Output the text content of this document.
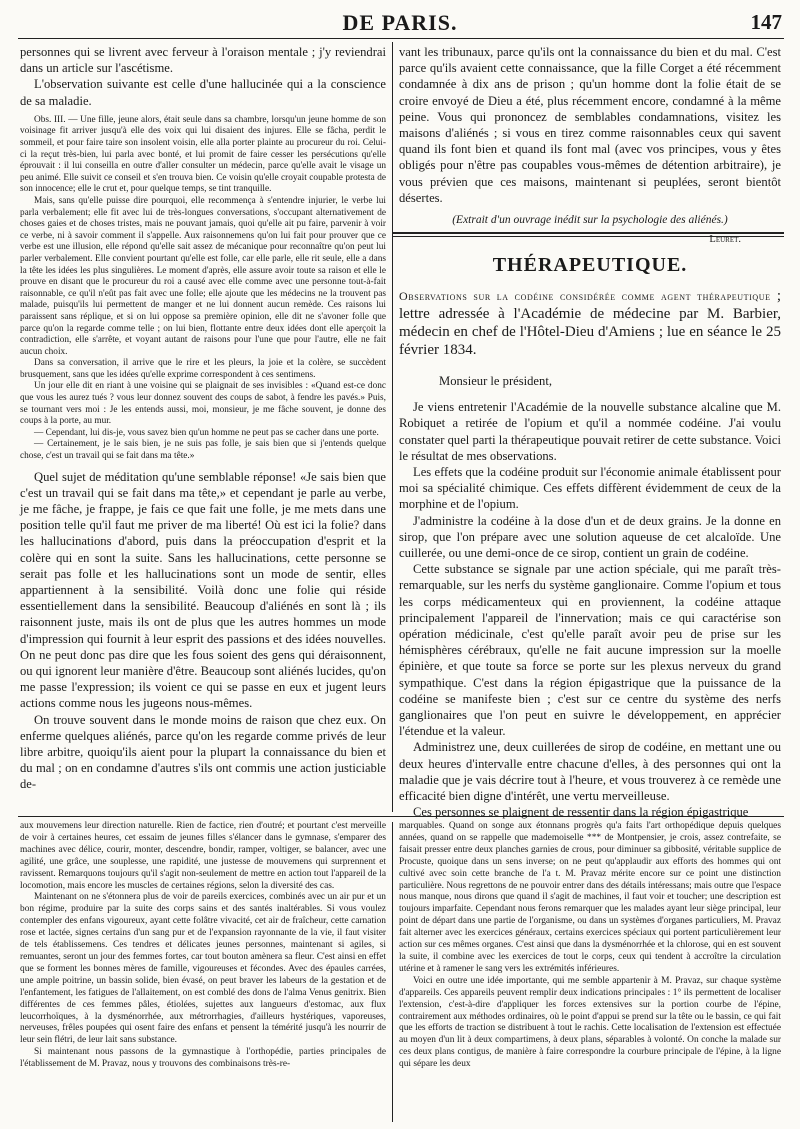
DE PARIS.	147

personnes qui se livrent avec ferveur à l'oraison mentale ; j'y reviendrai dans un article sur l'ascétisme.

L'observation suivante est celle d'une hallucinée qui a la conscience de sa maladie.

Obs. III. — Une fille, jeune alors, était seule dans sa chambre, lorsqu'un jeune homme de son voisinage fit arriver jusqu'à elle des voix qui lui disaient des injures. Elle se fâcha, perdit le sommeil, et pour faire taire son insolent voisin, elle alla porter plainte au procureur du roi. Celui-ci la reçut très-bien, lui parla avec bonté, et lui promit de faire cesser les persécutions qu'elle éprouvait : il lui conseilla en outre d'aller consulter un médecin, parce qu'elle avait le visage un peu animé. Elle suivit ce conseil et s'en trouva bien. Ce voisin qu'elle croyait coupable protesta de son innocence; elle le crut et, pour quelque temps, se tint tranquille.

Mais, sans qu'elle puisse dire pourquoi, elle recommença à s'entendre injurier, le verbe lui parla verbalement; elle fit avec lui de très-longues conversations, s'occupant alternativement de choses gaies et de choses tristes, mais ne pouvant jamais, quoi qu'elle ait pu faire, parvenir à voir ce verbe, ni à savoir comment il s'appelle. Aux raisonnemens qu'on lui fait pour prouver que ce verbe est une illusion, elle répond qu'elle sait assez de mécanique pour reconnaître qu'on peut lui parler verbalement. Elle convient pourtant qu'elle est folle, car elle parle, elle rit seule, elle a dans la tête les idées les plus singulières. Le moment d'après, elle assure avoir toute sa raison et elle le prouve en disant que le procureur du roi a causé avec elle comme avec une personne tout-à-fait raisonnable, ce qu'il n'eût pas fait avec une folle; elle ajoute que les médecins ne la trouvent pas malade, puisqu'ils lui permettent de manger et ne lui donnent aucun remède. Ces raisons lui paraissent sans réplique, et si on lui oppose sa première opinion, elle dit ne s'avoner folle que parce qu'on la regarde comme telle ; on lui bien, flottante entre deux idées dont elle aperçoit la contradiction, elle s'arrête, et voyant autant de raisons pour l'une que pour l'autre, elle ne fait aucun choix.

Dans sa conversation, il arrive que le rire et les pleurs, la joie et la colère, se succèdent brusquement, sans que les idées qu'elle exprime correspondent à ces sentimens.

Un jour elle dit en riant à une voisine qui se plaignait de ses invisibles : «Quand est-ce donc que vous les aurez tués ? vous leur donnez souvent des coups de sabot, à fendre les pavés.» Puis, se tournant vers moi : Je les entends aussi, moi, monsieur, je me fâche souvent, je donne des coups à la porte, au mur.

— Cependant, lui dis-je, vous savez bien qu'un homme ne peut pas se cacher dans une porte.

— Certainement, je le sais bien, je ne suis pas folle, je sais bien que si j'entends quelque chose, c'est un travail qui se fait dans ma tête.»

Quel sujet de méditation qu'une semblable réponse! «Je sais bien que c'est un travail qui se fait dans ma tête,» et cependant je parle au verbe, je me fâche, je frappe, je fais ce que fait une folle, je me mets dans une position telle qu'il faut me priver de ma liberté! Où est ici la folie? dans les hallucinations d'abord, puis dans la préoccupation d'esprit et la colère qui en sont la suite. Sans les hallucinations, cette personne se serait pas folle et les hallucinations sont un mode de sentir, elles appartiennent à la sensibilité. Voilà donc une folie qui réside essentiellement dans la sensibilité. Beaucoup d'aliénés en sont là ; ils raisonnent juste, mais ils ont de plus que les autres hommes un mode d'impression qui fournit à leur esprit des passions et des idées nouvelles. On ne peut donc pas dire que les fous soient des gens qui déraisonnent, ou qui ignorent leur manière d'être. Beaucoup sont aliénés lucides, qu'on me passe l'expression; ils voient ce qui se passe en eux et jugent leurs actions comme nous les jugeons nous-mêmes.

On trouve souvent dans le monde moins de raison que chez eux. On enferme quelques aliénés, parce qu'on les regarde comme privés de leur libre arbitre, quoiqu'ils aient pour la plupart la connaissance du bien et du mal ; on en condamne d'autres s'ils ont commis une action justiciable de-

vant les tribunaux, parce qu'ils ont la connaissance du bien et du mal. C'est parce qu'ils avaient cette connaissance, que la fille Corget a été récemment condamnée à dix ans de prison ; qu'un homme dont la folie était de se croire envoyé de Dieu a été, plus récemment encore, condamné à la même peine. Vous qui prononcez de semblables condamnations, visitez les maisons d'aliénés ; si vous en tirez comme raisonnables ceux qui savent quand ils font bien et quand ils font mal (avec vos principes, vous y êtes obligés pour n'être pas coupables vous-mêmes de détention arbitraire), je vous prévien que ces maisons, maintenant si peuplées, seront bientôt désertes.

(Extrait d'un ouvrage inédit sur la psychologie des aliénés.)

Leuret.

THÉRAPEUTIQUE.

Observations sur la codéine considérée comme agent thérapeutique ; lettre adressée à l'Académie de médecine par M. Barbier, médecin en chef de l'Hôtel-Dieu d'Amiens ; lue en séance le 25 février 1834.

Monsieur le président,

Je viens entretenir l'Académie de la nouvelle substance alcaline que M. Robiquet a retirée de l'opium et qu'il a nommée codéine. J'ai voulu constater quel parti la thérapeutique pouvait retirer de cette substance. Voici le résultat de mes observations.

Les effets que la codéine produit sur l'économie animale établissent pour moi sa spécialité chimique. Ces effets diffèrent évidemment de ceux de la morphine et de l'opium.

J'administre la codéine à la dose d'un et de deux grains. Je la donne en sirop, que l'on prépare avec une solution aqueuse de cet alcaloïde. Une cuillerée, ou une demi-once de ce sirop, contient un grain de codéine.

Cette substance se signale par une action spéciale, qui me paraît très-remarquable, sur les nerfs du système ganglionaire. Comme l'opium et tous les corps médicamenteux qui en proviennent, la codéine attaque principalement l'appareil de l'innervation; mais ce qui caractérise son opération médicinale, c'est qu'elle paraît avoir peu de prise sur les hémisphères cérébraux, qu'elle ne fait aucune impression sur la moelle épinière, et que toute sa force se porte sur les plexus nerveux du grand sympathique. C'est dans la région épigastrique que la puissance de la codéine se manifeste bien ; c'est sur ce centre du système des nerfs ganglionaires que l'on peut en suivre le développement, en apprécier l'étendue et la valeur.

Administrez une, deux cuillerées de sirop de codéine, en mettant une ou deux heures d'intervalle entre chacune d'elles, à des personnes qui ont la maladie que je vais décrire tout à l'heure, et vous trouverez à ce remède une efficacité bien digne d'intérêt, une vertu merveilleuse.

Ces personnes se plaignent de ressentir dans la région épigastrique

aux mouvemens leur direction naturelle. Rien de factice, rien d'outré; et pourtant c'est merveille de voir à certaines heures, cet essaim de jeunes filles s'élancer dans le gymnase, s'emparer des machines avec délice, courir, monter, descendre, bondir, ramper, voltiger, se balancer, avec une agilité, une grâce, une souplesse, une rapidité, une justesse de mouvemens qui surprennent et ravissent. Remarquons toujours qu'il s'agit non-seulement de mettre en action tout l'appareil de la locomotion, mais encore les muscles de certaines régions, selon la diversité des cas.

Maintenant on ne s'étonnera plus de voir de pareils exercices, combinés avec un air pur et un bon régime, produire par la suite des corps sains et des santés inaltérables. Si vous voulez contempler des enfans vigoureux, ayant cette folâtre vivacité, cet air de fraîcheur, cette carnation rose et lactée, signes certains d'un sang pur et de l'expansion rayonnante de la vie, il faut visiter de tels établissemens. Ces tendres et délicates jeunes personnes, maintenant si agiles, si remuantes, seront un jour des femmes fortes, car tout bouton amènera sa fleur. C'est ainsi en effet que se forment les bonnes mères de famille, vigoureuses et fécondes. Avec des épaules carrées, une ample poitrine, un bassin solide, bien évasé, on peut braver les labeurs de la gestation et de l'enfantement, les fatigues de l'allaitement, on est comblé des dons de l'alma Venus genitrix. Bien différentes de ces femmes pâles, étiolées, sujettes aux langueurs d'estomac, aux flux leucorrhoïques, à la dysménorrhée, aux métrorrhagies, d'ailleurs hystériques, vaporeuses, nerveuses, frêles poupées qui osent faire des enfans et pensent la témérité jusqu'à les nourrir de leur sein flétri, de leur lait sans substance.

Si maintenant nous passons de la gymnastique à l'orthopédie, parties principales de l'établissement de M. Pravaz, nous y trouvons des combinaisons très-re-

marquables. Quand on songe aux étonnans progrès qu'a faits l'art orthopédique depuis quelques années, quand on se rappelle que mademoiselle *** de Montpensier, je crois, assez contrefaite, se faisait presser entre deux planches garnies de crous, pour diminuer sa gibbosité, véritable supplice de Procuste, quoique dans un sens inverse; on ne peut qu'applaudir aux efforts des hommes qui ont cultivé avec soin cette branche de l'a t. M. Pravaz mérite encore sur ce point une distinction particulière. Nous regrettons de ne pouvoir entrer dans des détails intéressans; mais outre que l'espace nous manque, nous dirons que quand il s'agit de machines, il faut voir et toucher; une description est toujours imparfaite. Cependant nous ferons remarquer que les malades ayant leur siège principal, leur point de départ dans une partie de l'organisme, ou dans un systèmes d'organes particuliers, M. Pravaz fait alterner avec les exercices généraux, certains exercices spéciaux qui portent particulièrement leur action sur ces mêmes organes. C'est ainsi que dans la dysménorrhée et la chlorose, qui en est souvent la suite, il combine avec les exercices de tout le corps, ceux qui tendent à accroître la circulation utérine et à ramener le sang vers les extrémités inférieures.

Voici en outre une idée importante, qui me semble appartenir à M. Pravaz, sur chaque système d'appareils. Ces appareils peuvent remplir deux indications principales : 1° ils permettent de localiser l'extension, c'est-à-dire d'appliquer les forces extensives sur la portion courbe de l'épine, contrairement aux méthodes ordinaires, où le point d'appui se prend sur la tête ou le bassin, ce qui fait que les efforts de traction se distribuent à tout le rachis. Cette localisation de l'extension est effectuée au moyen d'un lit à deux compartimens, à deux plans, séparables à volonté. On conche la malade sur ces deux plans contigus, de manière à faire correspondre la courbure principale de l'épine, à la ligne qui sépare les deux
